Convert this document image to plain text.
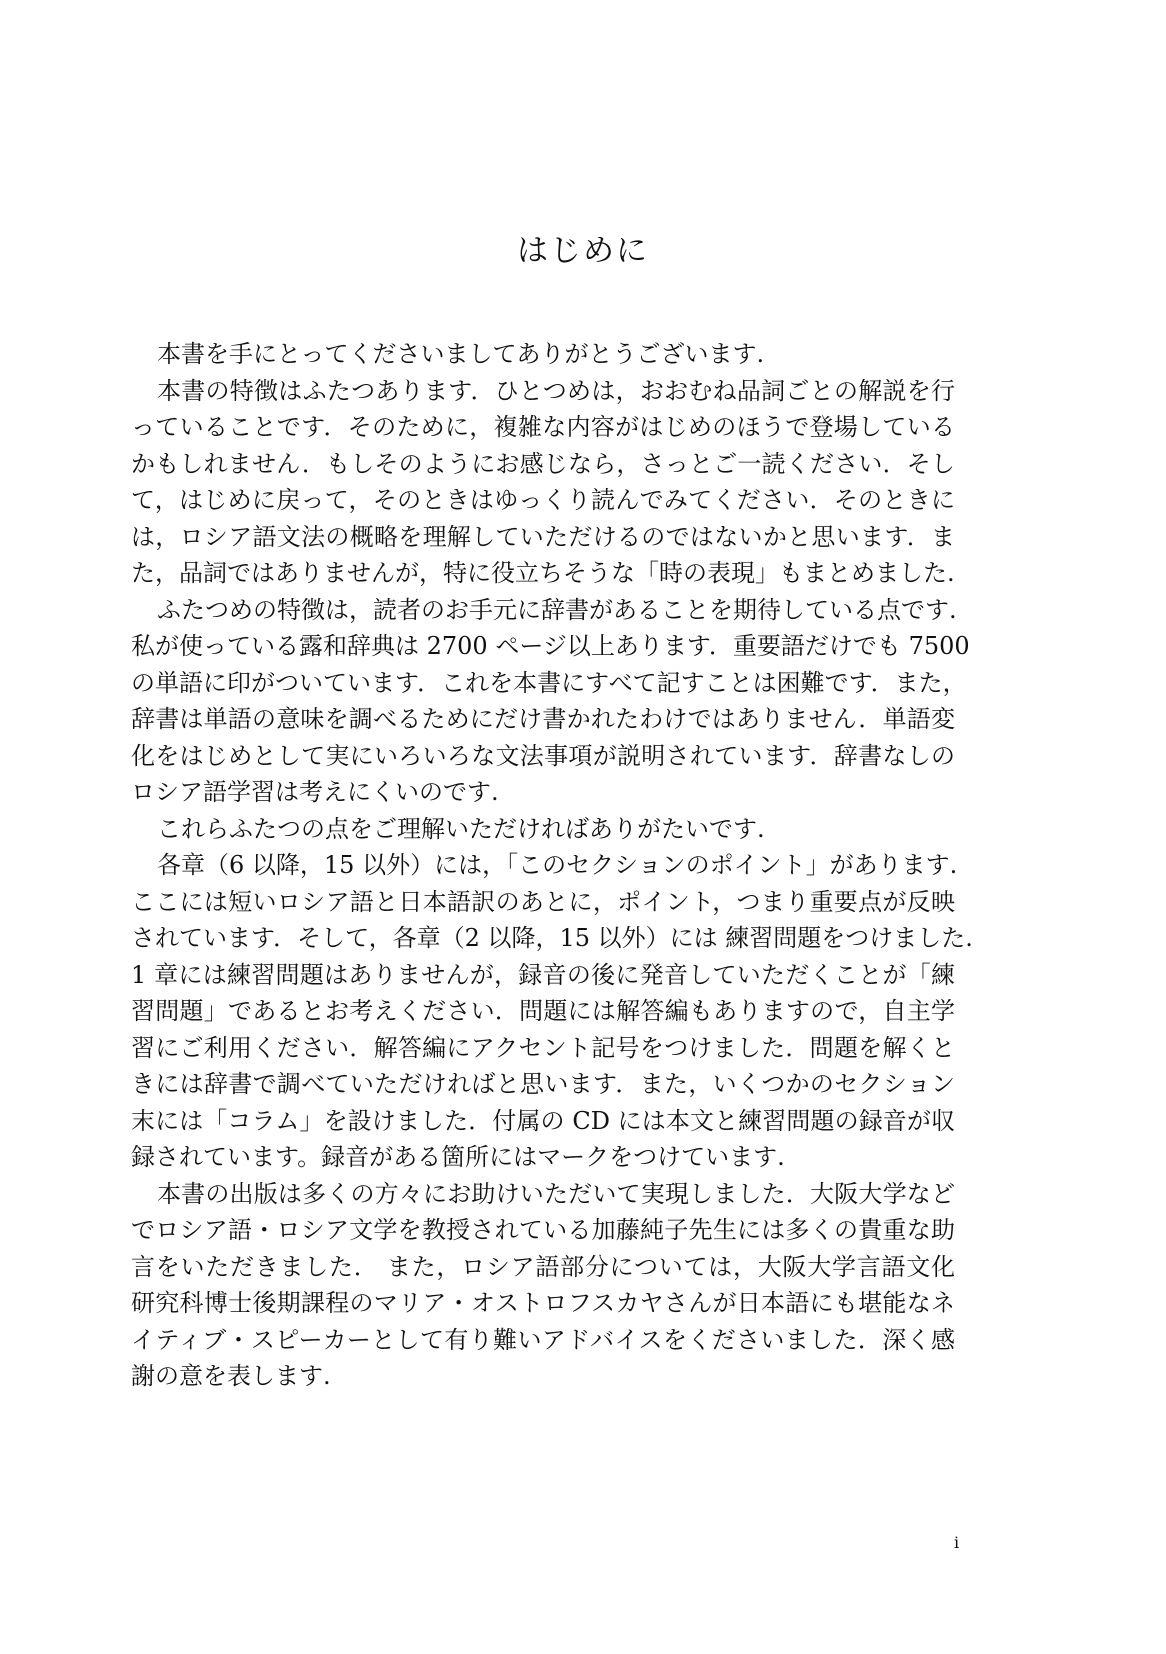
はじめに
本書を手にとってくださいましてありがとうございます.
本書の特徴はふたつあります．ひとつめは，おおむね品詞ごとの解説を行
っていることです．そのために，複雑な内容がはじめのほうで登場している
かもしれません．もしそのようにお感じなら，さっとご一読ください．そし
て，はじめに戻って，そのときはゆっくり読んでみてください．そのときに
は，ロシア語文法の概略を理解していただけるのではないかと思います．ま
た，品詞ではありませんが，特に役立ちそうな「時の表現」もまとめました.
ふたつめの特徴は，読者のお手元に辞書があることを期待している点です.
私が使っている露和辞典は 2700 ページ以上あります．重要語だけでも 7500
の単語に印がついています．これを本書にすべて記すことは困難です．また，
辞書は単語の意味を調べるためにだけ書かれたわけではありません．単語変
化をはじめとして実にいろいろな文法事項が説明されています．辞書なしの
ロシア語学習は考えにくいのです.
これらふたつの点をご理解いただければありがたいです.
各章（6 以降，15 以外）には，「このセクションのポイント」があります.
ここには短いロシア語と日本語訳のあとに，ポイント，つまり重要点が反映
されています．そして，各章（2 以降，15 以外）には 練習問題をつけました.
1 章には練習問題はありませんが，録音の後に発音していただくことが「練
習問題」であるとお考えください．問題には解答編もありますので，自主学
習にご利用ください．解答編にアクセント記号をつけました．問題を解くと
きには辞書で調べていただければと思います．また，いくつかのセクション
末には「コラム」を設けました．付属の CD には本文と練習問題の録音が収
録されています。録音がある箇所にはマークをつけています.
本書の出版は多くの方々にお助けいただいて実現しました．大阪大学など
でロシア語・ロシア文学を教授されている加藤純子先生には多くの貴重な助
言をいただきました． また，ロシア語部分については，大阪大学言語文化
研究科博士後期課程のマリア・オストロフスカヤさんが日本語にも堪能なネ
イティブ・スピーカーとして有り難いアドバイスをくださいました．深く感
謝の意を表します.
i
